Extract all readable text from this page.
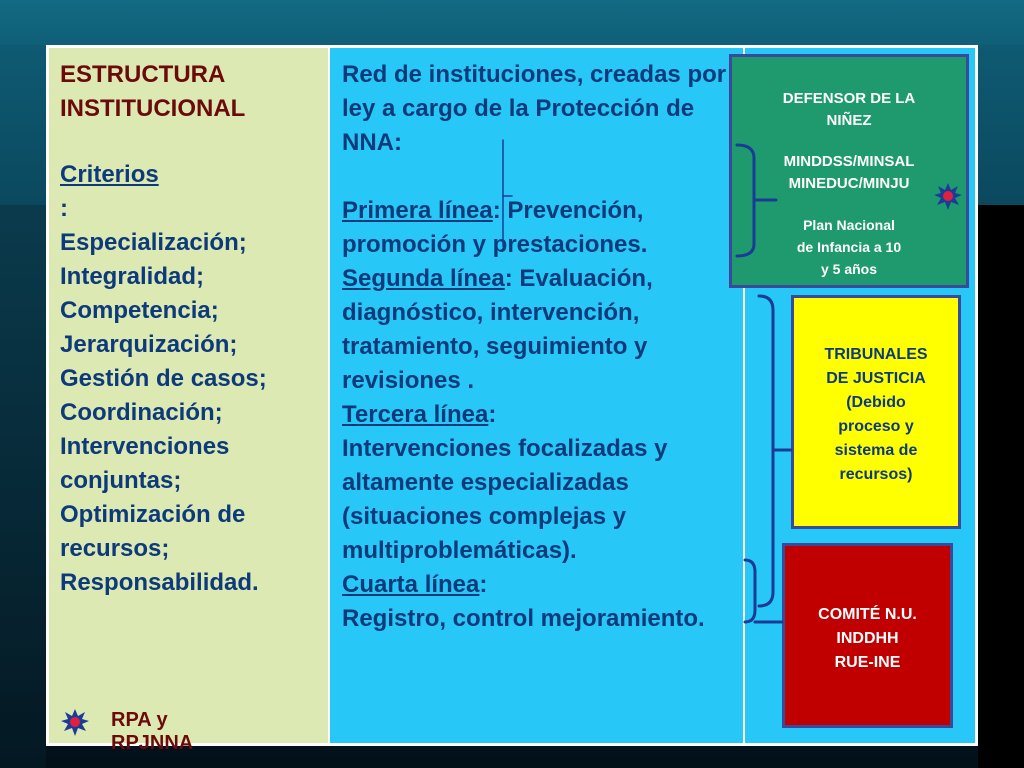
ESTRUCTURA
INSTITUCIONAL
Criterios:
Especialización;
Integralidad;
Competencia;
Jerarquización;
Gestión de casos;
Coordinación;
Intervenciones
conjuntas;
Optimización de
recursos;
Responsabilidad.
RPA y RPJNNA

Red de instituciones, creadas por ley a cargo de la Protección de NNA:

Primera línea: Prevención, promoción y prestaciones.

Segunda línea: Evaluación, diagnóstico, intervención, tratamiento, seguimiento y revisiones .

Tercera línea:

Intervenciones focalizadas y altamente especializadas (situaciones complejas y multiproblemáticas).

Cuarta línea:

Registro, control mejoramiento.

DEFENSOR DE LA

NIÑEZ

MINDDSS/MINSAL

MINEDUC/MINJU

Plan Nacional

de Infancia a 10

y 5 años

TRIBUNALES

DE JUSTICIA

(Debido

proceso y

sistema de

recursos)

COMITÉ N.U.

INDDHH

RUE-INE
